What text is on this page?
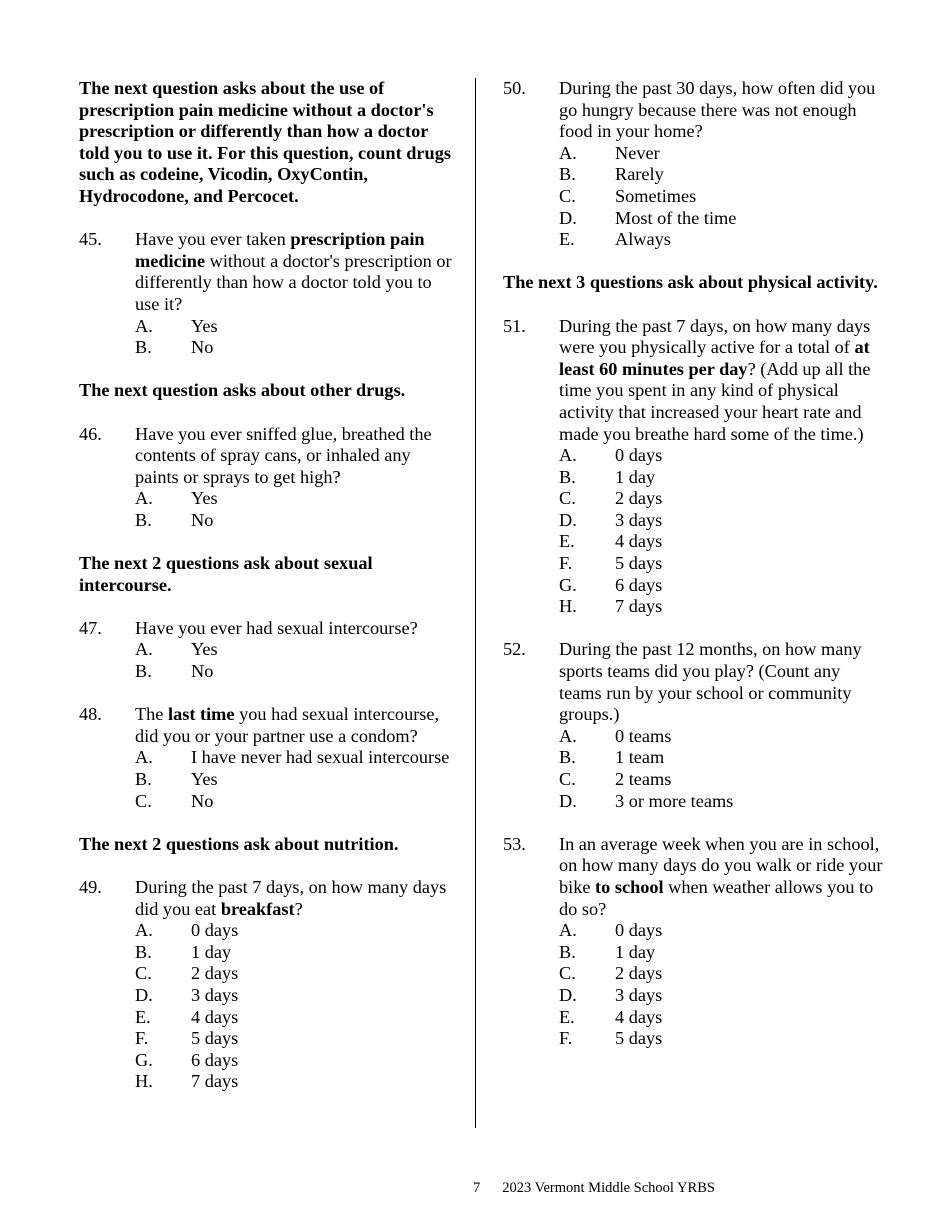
The next question asks about the use of prescription pain medicine without a doctor's prescription or differently than how a doctor told you to use it. For this question, count drugs such as codeine, Vicodin, OxyContin, Hydrocodone, and Percocet.

45.	Have you ever taken prescription pain medicine without a doctor's prescription or differently than how a doctor told you to use it?
A.	Yes
B.	No

The next question asks about other drugs.

46.	Have you ever sniffed glue, breathed the contents of spray cans, or inhaled any paints or sprays to get high?
A.	Yes
B.	No

The next 2 questions ask about sexual intercourse.

47.	Have you ever had sexual intercourse?
A.	Yes
B.	No
48.	The last time you had sexual intercourse, did you or your partner use a condom?
A.	I have never had sexual intercourse
B.	Yes
C.	No

The next 2 questions ask about nutrition.

49.	During the past 7 days, on how many days did you eat breakfast?
A.	0 days
B.	1 day
C.	2 days
D.	3 days
E.	4 days
F.	5 days
G.	6 days
H.	7 days
50.	During the past 30 days, how often did you go hungry because there was not enough food in your home?
A.	Never
B.	Rarely
C.	Sometimes
D.	Most of the time
E.	Always

The next 3 questions ask about physical activity.

51.	During the past 7 days, on how many days were you physically active for a total of at least 60 minutes per day? (Add up all the time you spent in any kind of physical activity that increased your heart rate and made you breathe hard some of the time.)
A.	0 days
B.	1 day
C.	2 days
D.	3 days
E.	4 days
F.	5 days
G.	6 days
H.	7 days
52.	During the past 12 months, on how many sports teams did you play? (Count any teams run by your school or community groups.)
A.	0 teams
B.	1 team
C.	2 teams
D.	3 or more teams
53.	In an average week when you are in school, on how many days do you walk or ride your bike to school when weather allows you to do so?
A.	0 days
B.	1 day
C.	2 days
D.	3 days
E.	4 days
F.	5 days
7 2023 Vermont Middle School YRBS
